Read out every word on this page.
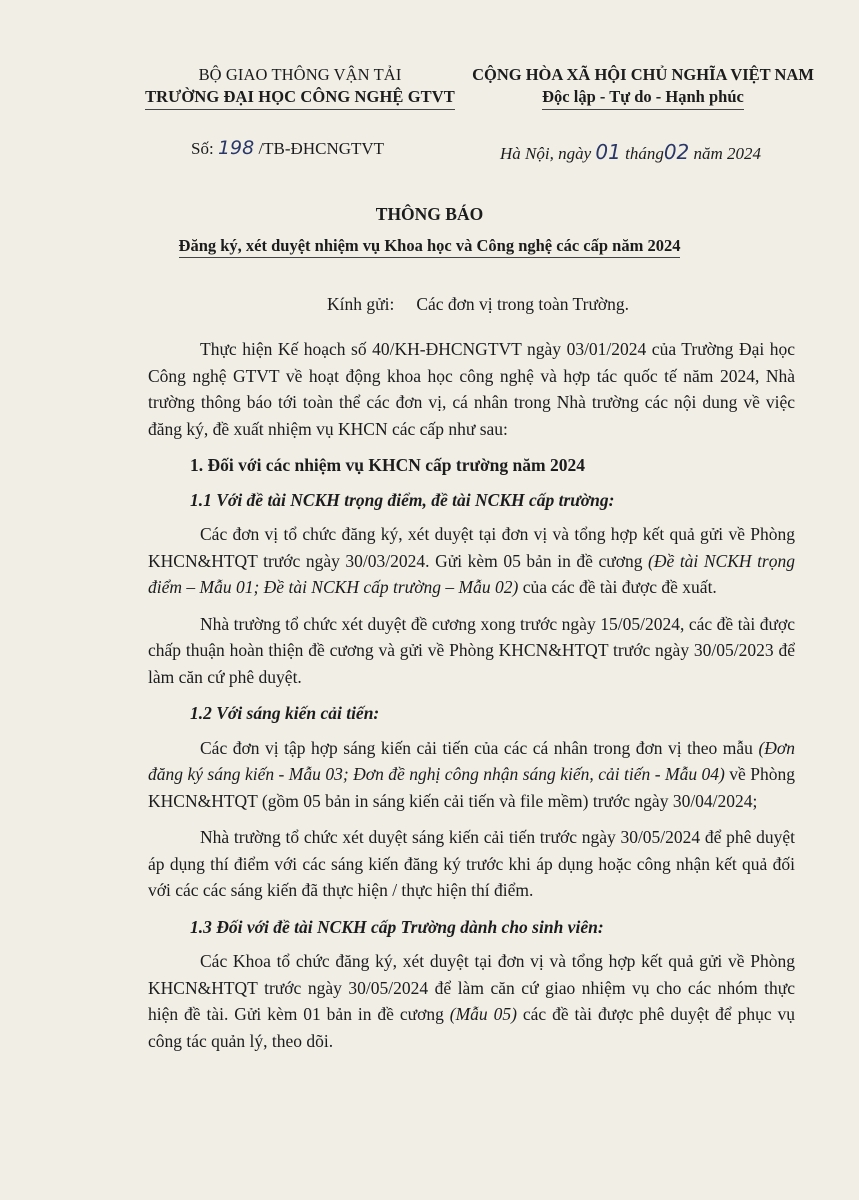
BỘ GIAO THÔNG VẬN TẢI
TRƯỜNG ĐẠI HỌC CÔNG NGHỆ GTVT
CỘNG HÒA XÃ HỘI CHỦ NGHĨA VIỆT NAM
Độc lập - Tự do - Hạnh phúc
Số: 198 /TB-ĐHCNGTVT	Hà Nội, ngày 01 tháng02 năm 2024
THÔNG BÁO
Đăng ký, xét duyệt nhiệm vụ Khoa học và Công nghệ các cấp năm 2024
Kính gửi: Các đơn vị trong toàn Trường.

Thực hiện Kế hoạch số 40/KH-ĐHCNGTVT ngày 03/01/2024 của Trường Đại học Công nghệ GTVT về hoạt động khoa học công nghệ và hợp tác quốc tế năm 2024, Nhà trường thông báo tới toàn thể các đơn vị, cá nhân trong Nhà trường các nội dung về việc đăng ký, đề xuất nhiệm vụ KHCN các cấp như sau:

1. Đối với các nhiệm vụ KHCN cấp trường năm 2024
1.1 Với đề tài NCKH trọng điểm, đề tài NCKH cấp trường:

Các đơn vị tổ chức đăng ký, xét duyệt tại đơn vị và tổng hợp kết quả gửi về Phòng KHCN&HTQT trước ngày 30/03/2024. Gửi kèm 05 bản in đề cương (Đề tài NCKH trọng điểm – Mẫu 01; Đề tài NCKH cấp trường – Mẫu 02) của các đề tài được đề xuất.

Nhà trường tổ chức xét duyệt đề cương xong trước ngày 15/05/2024, các đề tài được chấp thuận hoàn thiện đề cương và gửi về Phòng KHCN&HTQT trước ngày 30/05/2023 để làm căn cứ phê duyệt.

1.2 Với sáng kiến cải tiến:

Các đơn vị tập hợp sáng kiến cải tiến của các cá nhân trong đơn vị theo mẫu (Đơn đăng ký sáng kiến - Mẫu 03; Đơn đề nghị công nhận sáng kiến, cải tiến - Mẫu 04) về Phòng KHCN&HTQT (gồm 05 bản in sáng kiến cải tiến và file mềm) trước ngày 30/04/2024;

Nhà trường tổ chức xét duyệt sáng kiến cải tiến trước ngày 30/05/2024 để phê duyệt áp dụng thí điểm với các sáng kiến đăng ký trước khi áp dụng hoặc công nhận kết quả đối với các các sáng kiến đã thực hiện / thực hiện thí điểm.

1.3 Đối với đề tài NCKH cấp Trường dành cho sinh viên:

Các Khoa tổ chức đăng ký, xét duyệt tại đơn vị và tổng hợp kết quả gửi về Phòng KHCN&HTQT trước ngày 30/05/2024 để làm căn cứ giao nhiệm vụ cho các nhóm thực hiện đề tài. Gửi kèm 01 bản in đề cương (Mẫu 05) các đề tài được phê duyệt để phục vụ công tác quản lý, theo dõi.
